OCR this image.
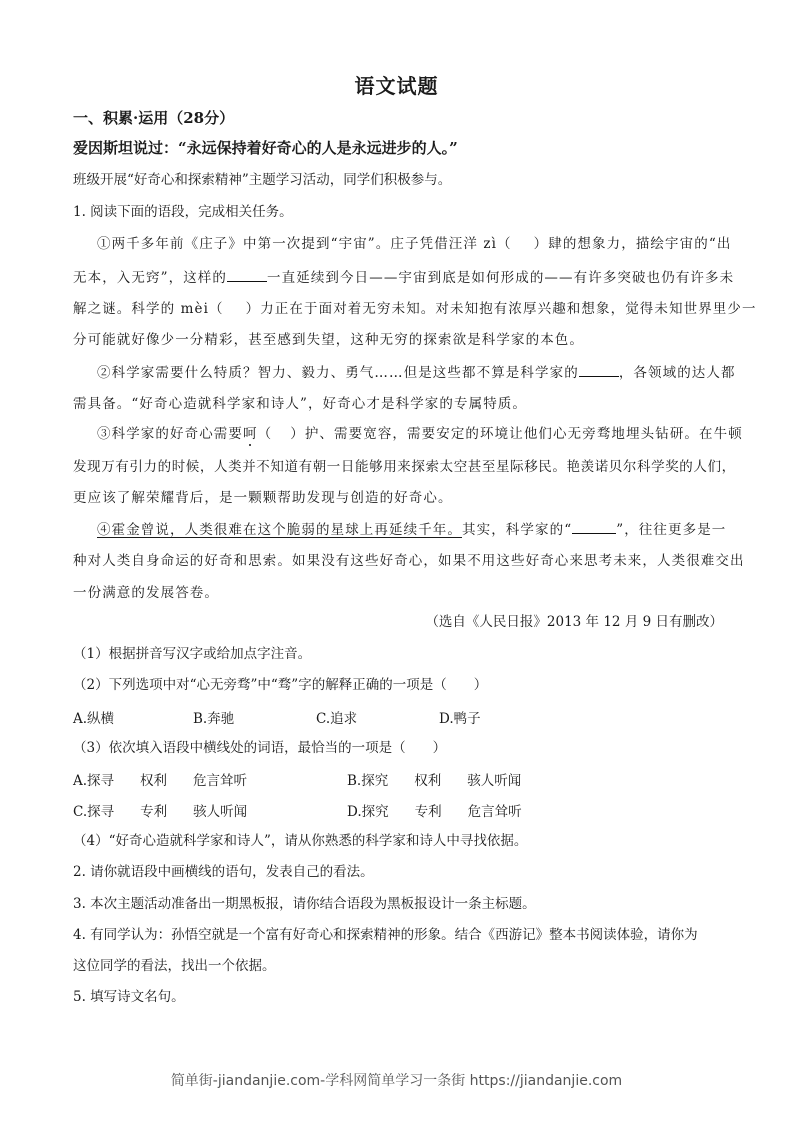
语文试题
一、积累·运用（28分）
爱因斯坦说过：“永远保持着好奇心的人是永远进步的人。”
班级开展“好奇心和探索精神”主题学习活动，同学们积极参与。
1. 阅读下面的语段，完成相关任务。
①两千多年前《庄子》中第一次提到“宇宙”。庄子凭借汪洋 zì（ ）肆的想象力，描绘宇宙的“出
无本，入无窍”，这样的	一直延续到今日——宇宙到底是如何形成的——有许多突破也仍有许多未
解之谜。科学的 mèi（ ）力正在于面对着无穷未知。对未知抱有浓厚兴趣和想象，觉得未知世界里少一
分可能就好像少一分精彩，甚至感到失望，这种无穷的探索欲是科学家的本色。
②科学家需要什么特质？智力、毅力、勇气……但是这些都不算是科学家的	，各领域的达人都
需具备。“好奇心造就科学家和诗人”，好奇心才是科学家的专属特质。
③科学家的好奇心需要呵（ ）护、需要宽容，需要安定的环境让他们心无旁骛地埋头钻研。在牛顿
发现万有引力的时候，人类并不知道有朝一日能够用来探索太空甚至星际移民。艳羡诺贝尔科学奖的人们，
更应该了解荣耀背后，是一颗颗帮助发现与创造的好奇心。
④霍金曾说，人类很难在这个脆弱的星球上再延续千年。其实，科学家的“	”，往往更多是一
种对人类自身命运的好奇和思索。如果没有这些好奇心，如果不用这些好奇心来思考未来，人类很难交出
一份满意的发展答卷。
（选自《人民日报》2013 年 12 月 9 日有删改）
（1）根据拼音写汉字或给加点字注音。
（2）下列选项中对“心无旁骛”中“骛”字的解释正确的一项是（　　）
A.纵横	B.奔驰	C.追求	D.鸭子
（3）依次填入语段中横线处的词语，最恰当的一项是（　　）
A.探寻 权利 危言耸听	B.探究 权利 骇人听闻
C.探寻 专利 骇人听闻	D.探究 专利 危言耸听
（4）“好奇心造就科学家和诗人”，请从你熟悉的科学家和诗人中寻找依据。
2. 请你就语段中画横线的语句，发表自己的看法。
3. 本次主题活动准备出一期黑板报，请你结合语段为黑板报设计一条主标题。
4. 有同学认为：孙悟空就是一个富有好奇心和探索精神的形象。结合《西游记》整本书阅读体验，请你为
这位同学的看法，找出一个依据。
5. 填写诗文名句。
简单街-jiandanjie.com-学科网简单学习一条街 https://jiandanjie.com
